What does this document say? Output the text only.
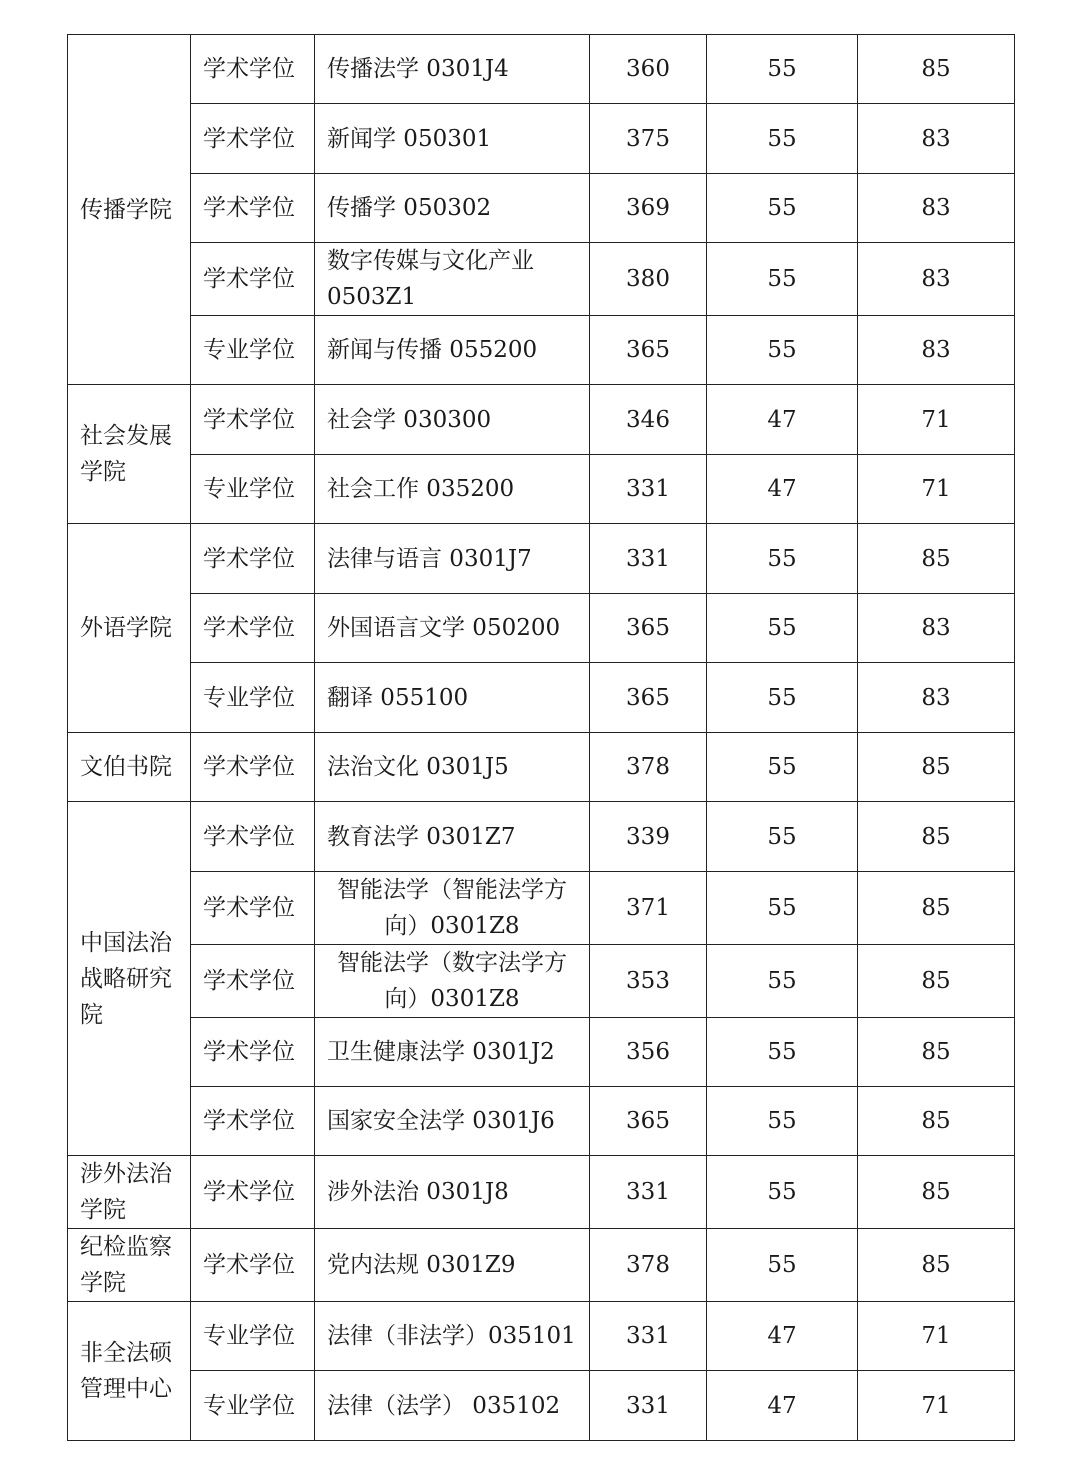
传播学院	学术学位	传播法学 0301J4	360	55	85
	学术学位	新闻学 050301	375	55	83
	学术学位	传播学 050302	369	55	83
	学术学位	数字传媒与文化产业 0503Z1	380	55	83
	专业学位	新闻与传播 055200	365	55	83
社会发展学院	学术学位	社会学 030300	346	47	71
	专业学位	社会工作 035200	331	47	71
外语学院	学术学位	法律与语言 0301J7	331	55	85
	学术学位	外国语言文学 050200	365	55	83
	专业学位	翻译 055100	365	55	83
文伯书院	学术学位	法治文化 0301J5	378	55	85
中国法治战略研究院	学术学位	教育法学 0301Z7	339	55	85
	学术学位	智能法学（智能法学方向）0301Z8	371	55	85
	学术学位	智能法学（数字法学方向）0301Z8	353	55	85
	学术学位	卫生健康法学 0301J2	356	55	85
	学术学位	国家安全法学 0301J6	365	55	85
涉外法治学院	学术学位	涉外法治 0301J8	331	55	85
纪检监察学院	学术学位	党内法规 0301Z9	378	55	85
非全法硕管理中心	专业学位	法律（非法学）035101	331	47	71
	专业学位	法律（法学） 035102	331	47	71
